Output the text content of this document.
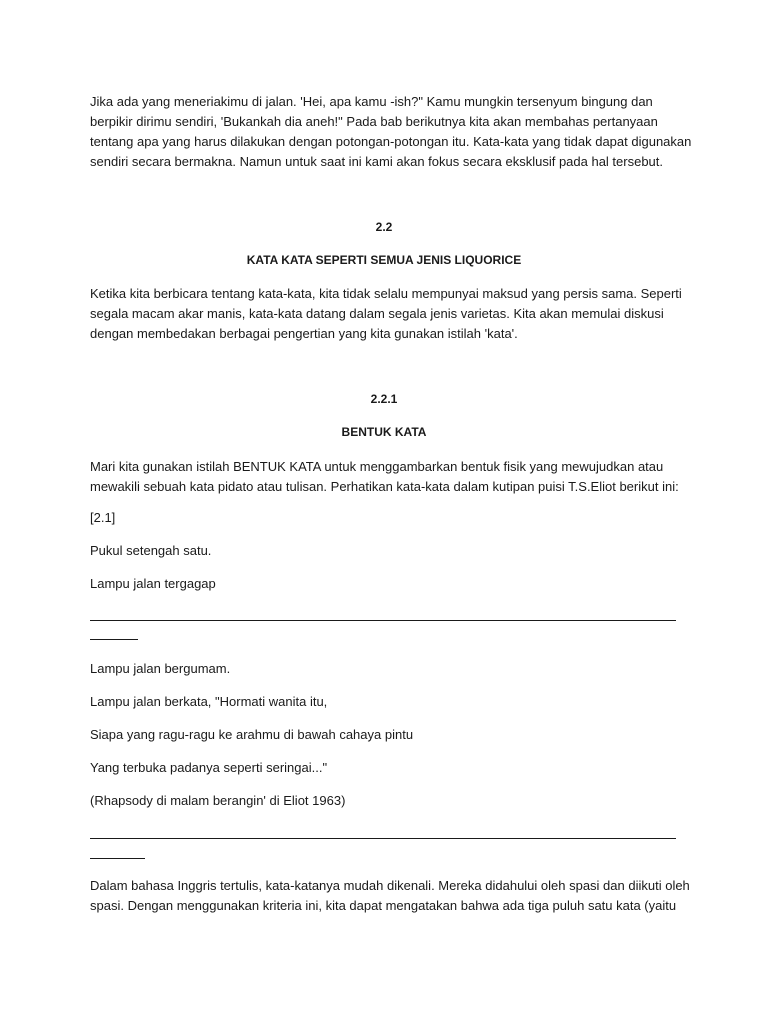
Jika ada yang meneriakimu di jalan. 'Hei, apa kamu -ish?" Kamu mungkin tersenyum bingung dan
berpikir dirimu sendiri, 'Bukankah dia aneh!" Pada bab berikutnya kita akan membahas pertanyaan
tentang apa yang harus dilakukan dengan potongan-potongan itu. Kata-kata yang tidak dapat digunakan
sendiri secara bermakna. Namun untuk saat ini kami akan fokus secara eksklusif pada hal tersebut.

2.2

KATA KATA SEPERTI SEMUA JENIS LIQUORICE

Ketika kita berbicara tentang kata-kata, kita tidak selalu mempunyai maksud yang persis sama. Seperti
segala macam akar manis, kata-kata datang dalam segala jenis varietas. Kita akan memulai diskusi
dengan membedakan berbagai pengertian yang kita gunakan istilah 'kata'.

2.2.1

BENTUK KATA

Mari kita gunakan istilah BENTUK KATA untuk menggambarkan bentuk fisik yang mewujudkan atau
mewakili sebuah kata pidato atau tulisan. Perhatikan kata-kata dalam kutipan puisi T.S.Eliot berikut ini:

[2.1]

Pukul setengah satu.

Lampu jalan tergagap

Lampu jalan bergumam.

Lampu jalan berkata, "Hormati wanita itu,

Siapa yang ragu-ragu ke arahmu di bawah cahaya pintu

Yang terbuka padanya seperti seringai..."

(Rhapsody di malam berangin' di Eliot 1963)

Dalam bahasa Inggris tertulis, kata-katanya mudah dikenali. Mereka didahului oleh spasi dan diikuti oleh
spasi. Dengan menggunakan kriteria ini, kita dapat mengatakan bahwa ada tiga puluh satu kata (yaitu
